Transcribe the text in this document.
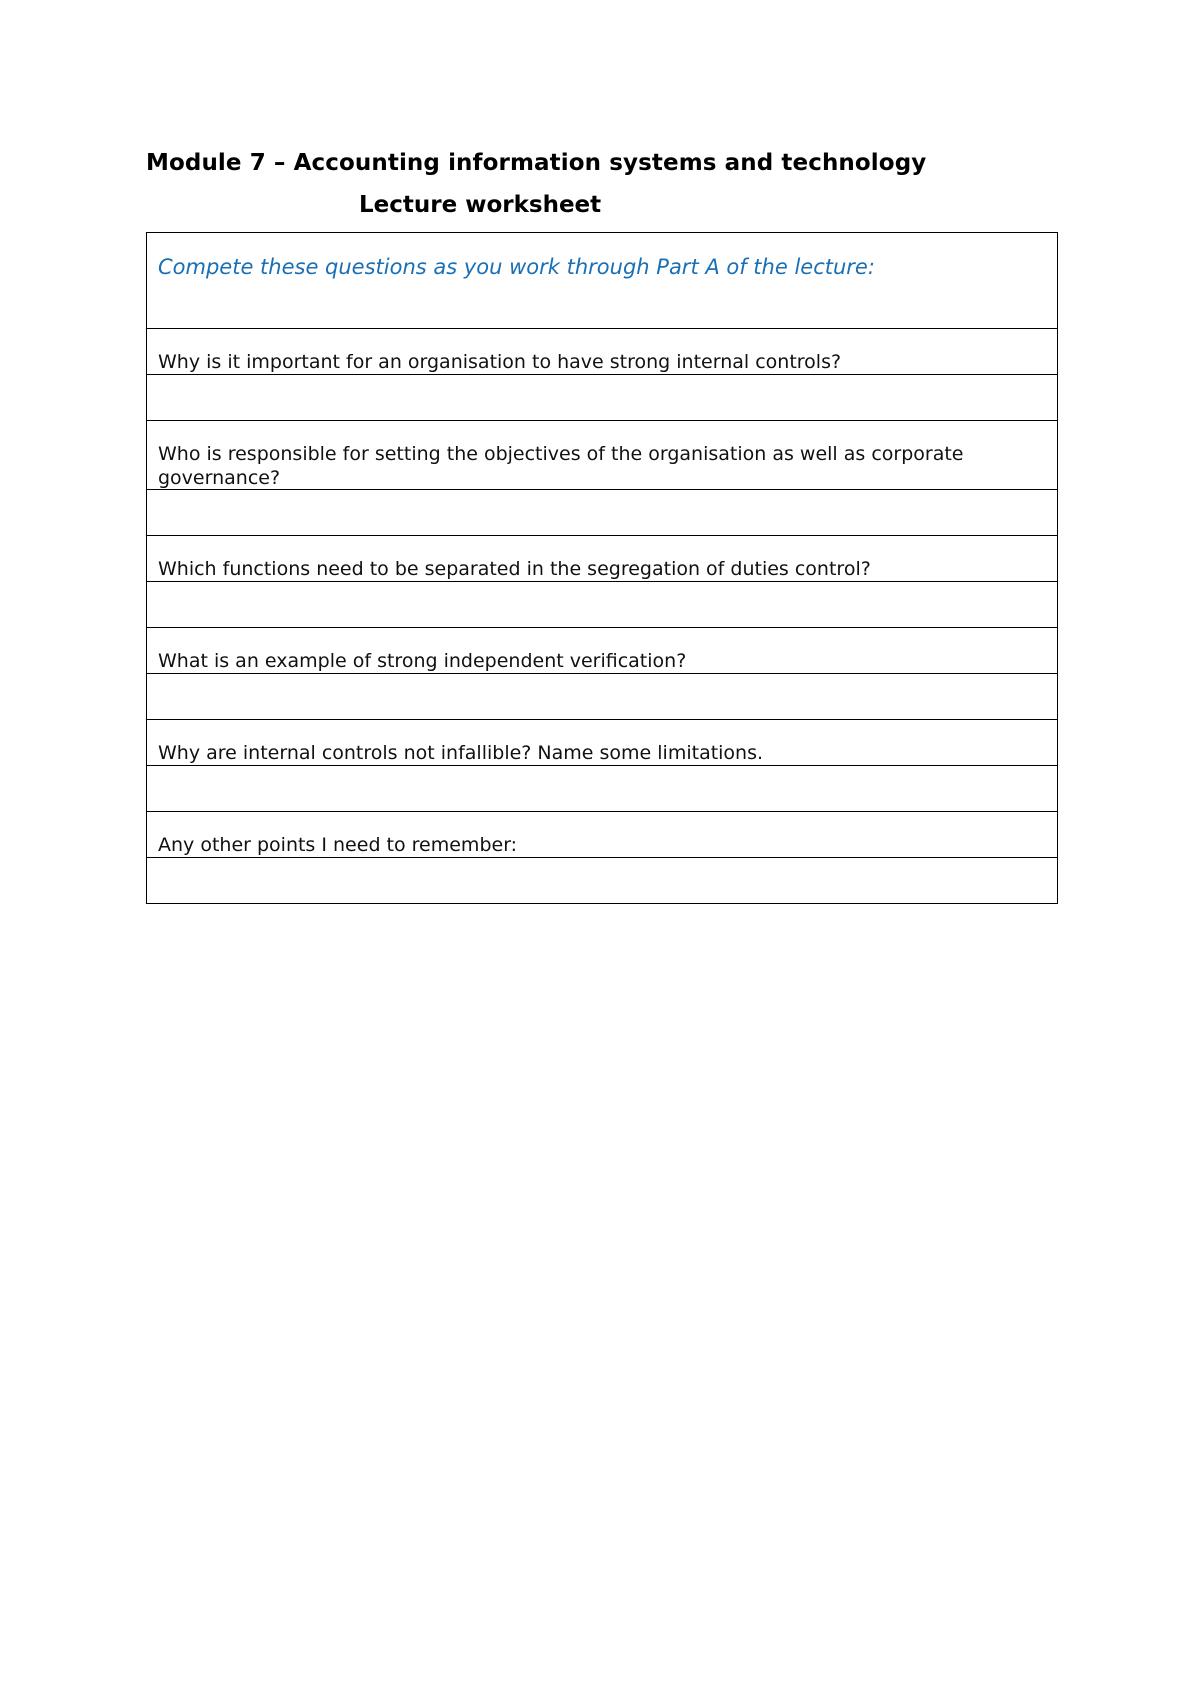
Module 7 – Accounting information systems and technology
Lecture worksheet
Compete these questions as you work through Part A of the lecture:
Why is it important for an organisation to have strong internal controls?
Who is responsible for setting the objectives of the organisation as well as corporate governance?
Which functions need to be separated in the segregation of duties control?
What is an example of strong independent verification?
Why are internal controls not infallible? Name some limitations.
Any other points I need to remember:
